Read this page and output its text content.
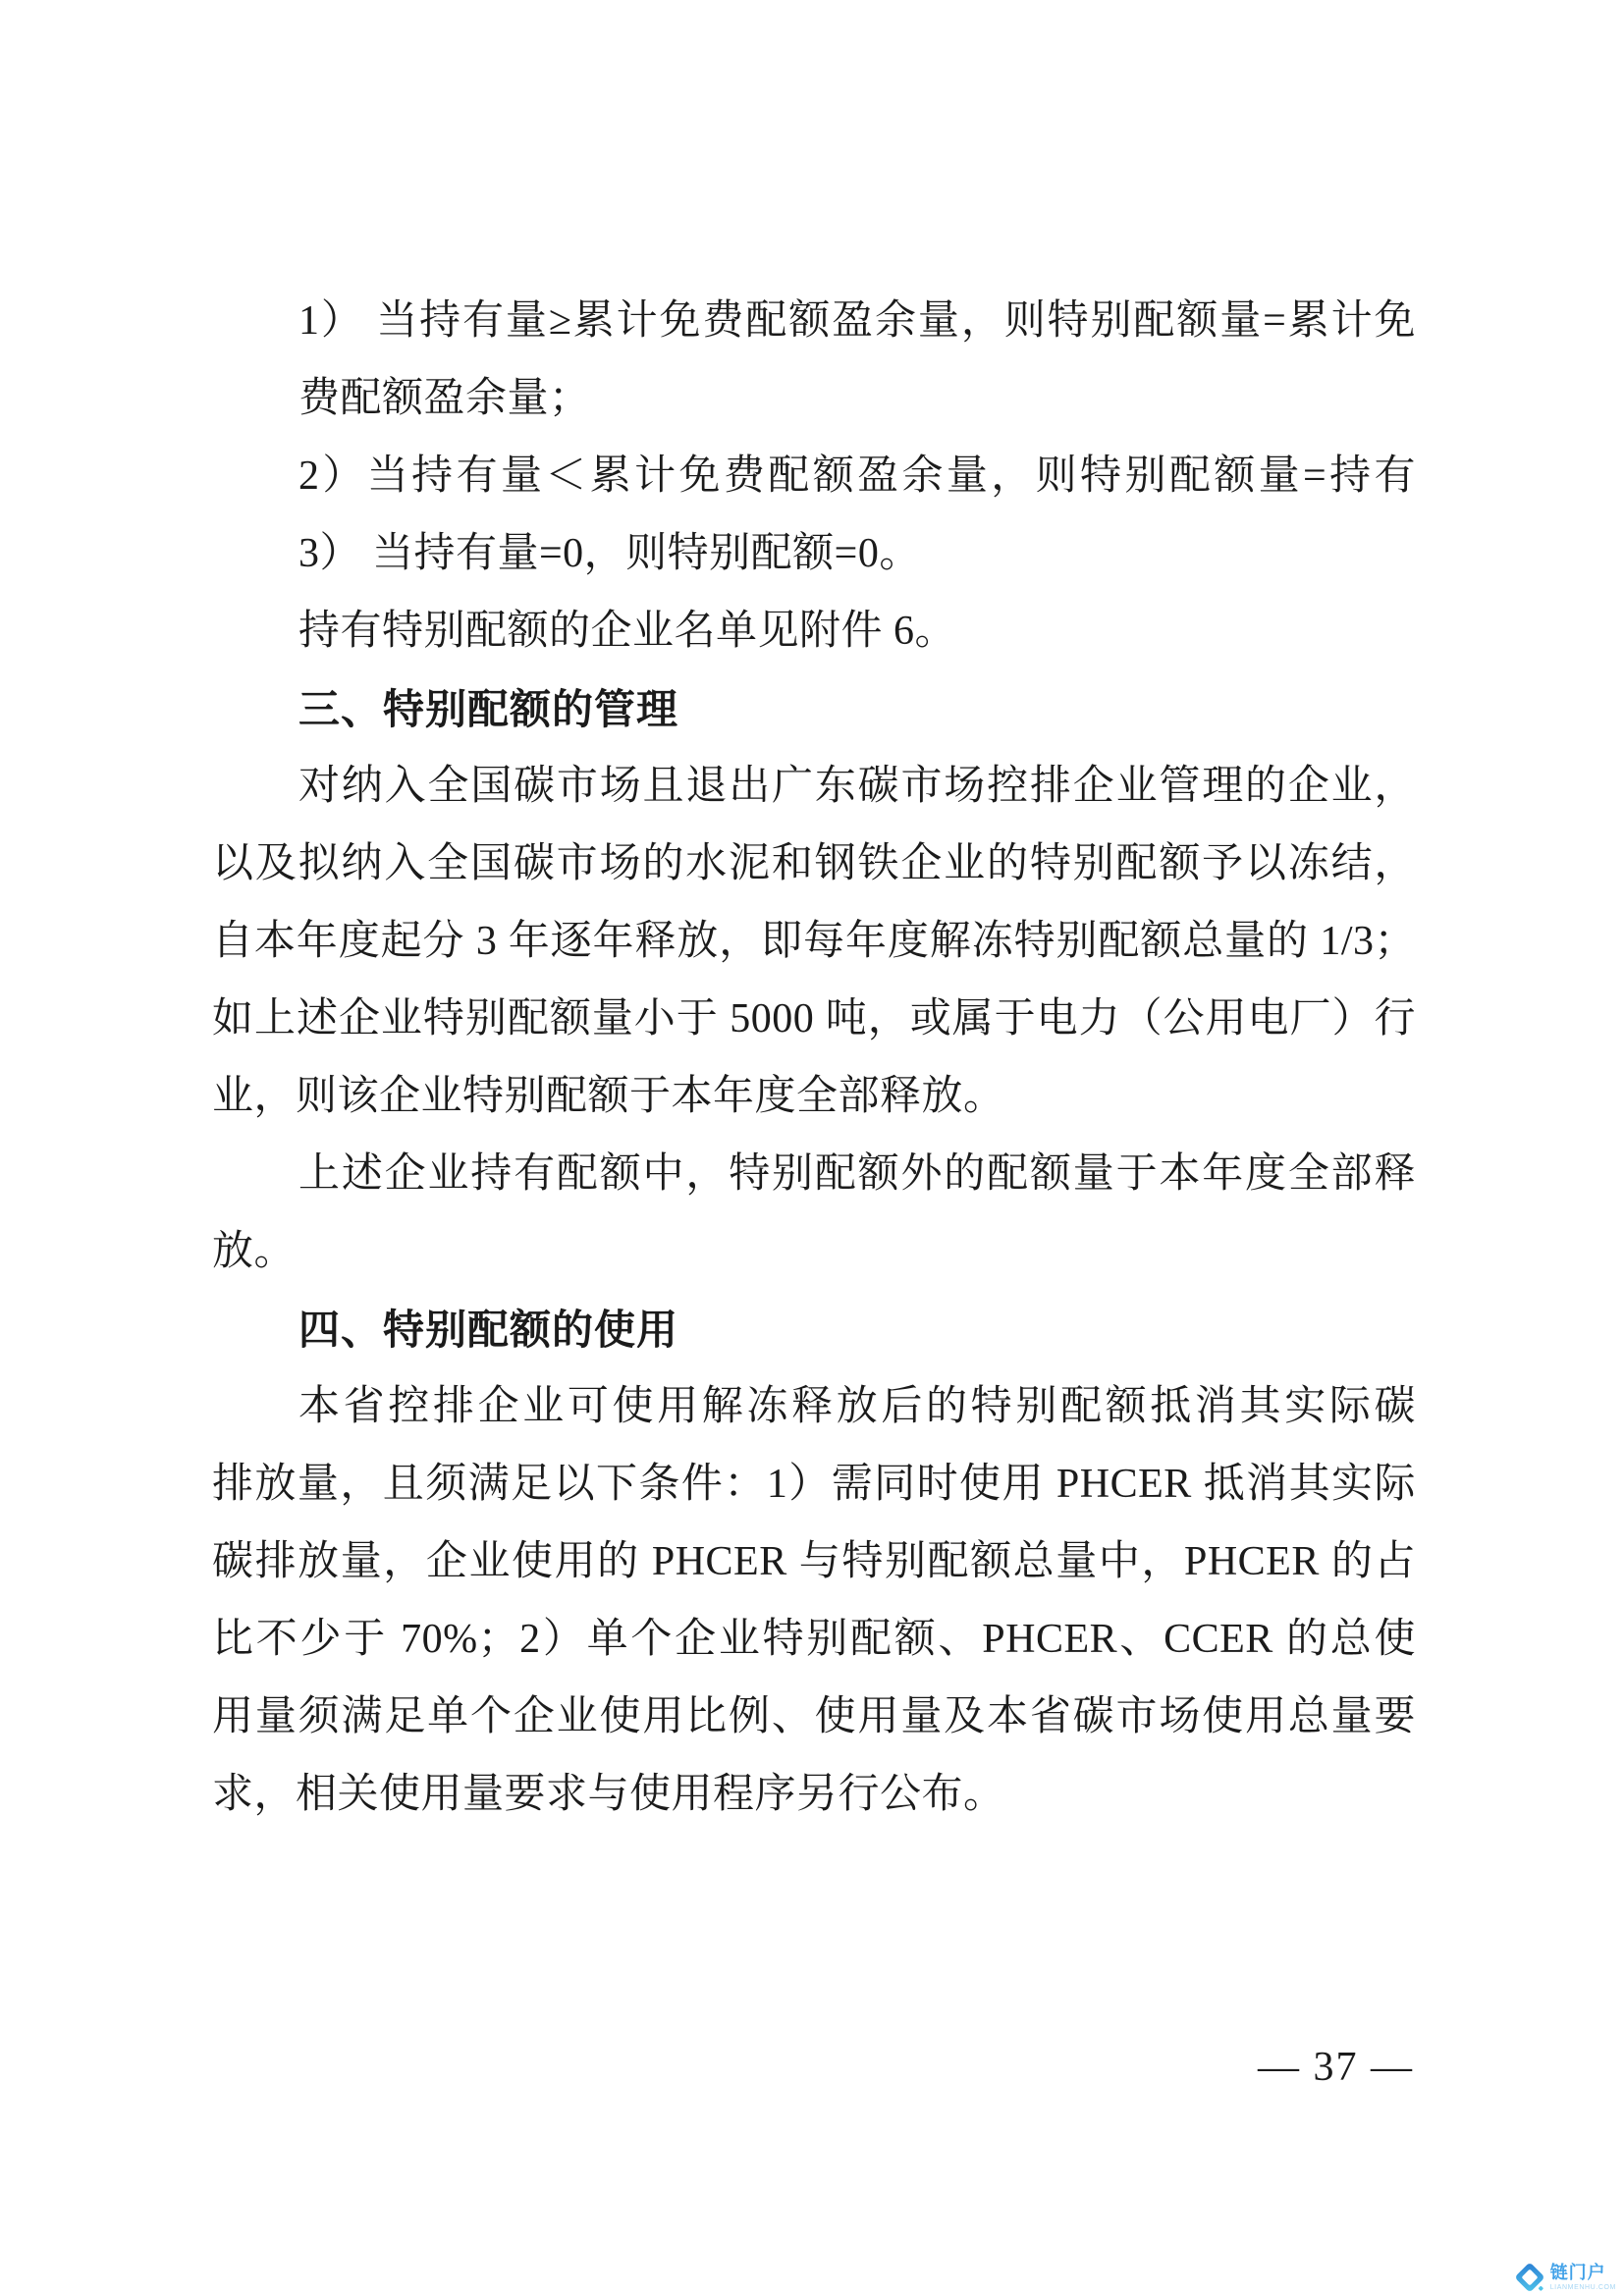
1） 当持有量≥累计免费配额盈余量，则特别配额量=累计免
费配额盈余量；
2）当持有量＜累计免费配额盈余量，则特别配额量=持有
3） 当持有量=0，则特别配额=0。
持有特别配额的企业名单见附件 6。
三、特别配额的管理
对纳入全国碳市场且退出广东碳市场控排企业管理的企业，
以及拟纳入全国碳市场的水泥和钢铁企业的特别配额予以冻结，
自本年度起分 3 年逐年释放，即每年度解冻特别配额总量的 1/3；
如上述企业特别配额量小于 5000 吨，或属于电力（公用电厂）行
业，则该企业特别配额于本年度全部释放。
上述企业持有配额中，特别配额外的配额量于本年度全部释
放。
四、特别配额的使用
本省控排企业可使用解冻释放后的特别配额抵消其实际碳
排放量，且须满足以下条件：1）需同时使用 PHCER 抵消其实际
碳排放量，企业使用的 PHCER 与特别配额总量中，PHCER 的占
比不少于 70%；2）单个企业特别配额、PHCER、CCER 的总使
用量须满足单个企业使用比例、使用量及本省碳市场使用总量要
求，相关使用量要求与使用程序另行公布。
— 37 —
链门户
LIANMENHU.COM
